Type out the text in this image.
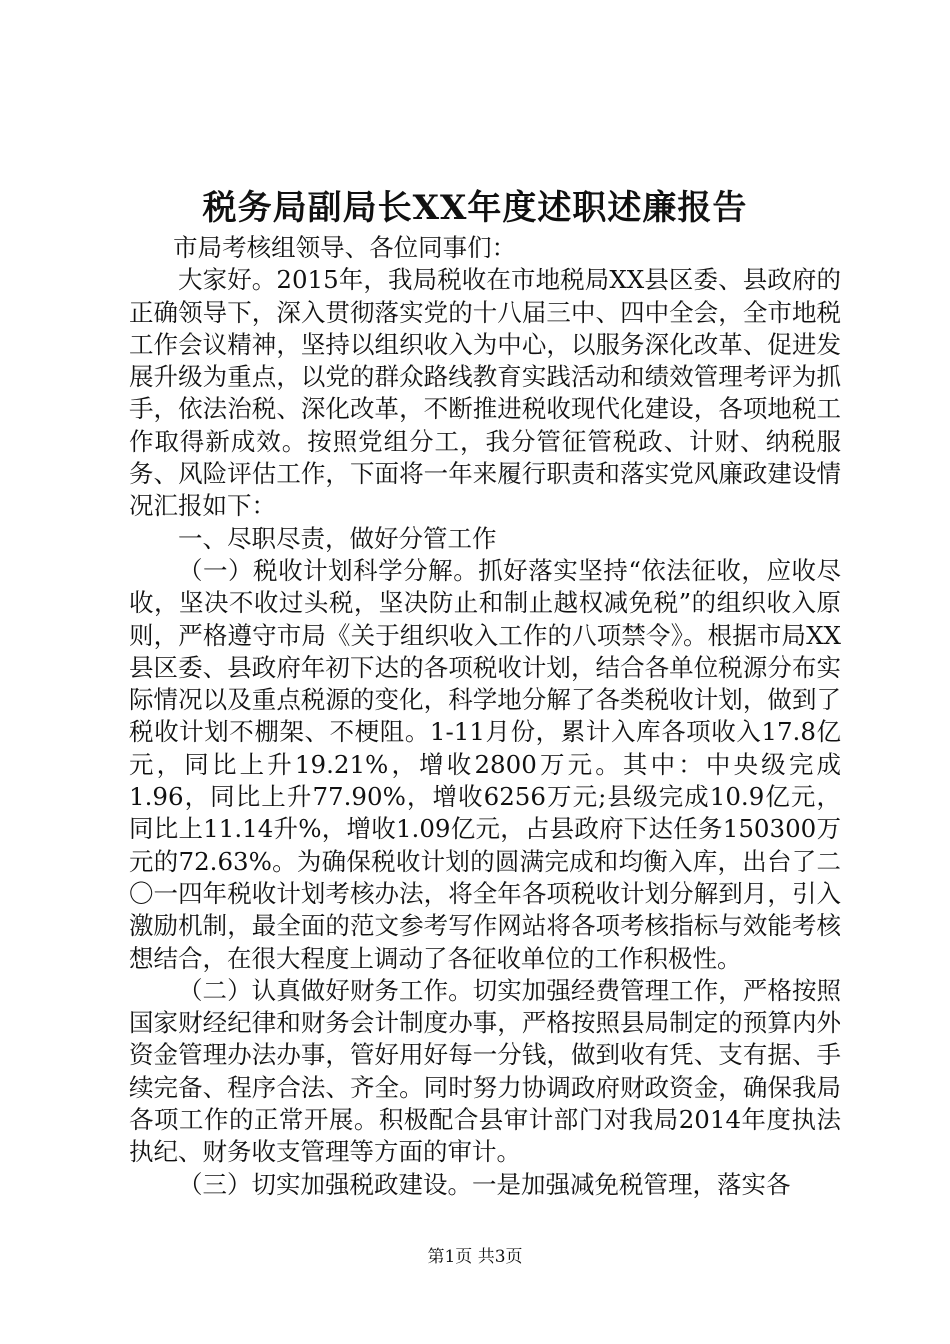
税务局副局长XX年度述职述廉报告

市局考核组领导、各位同事们：

大家好。2015年，我局税收在市地税局XX县区委、县政府的正确领导下，深入贯彻落实党的十八届三中、四中全会，全市地税工作会议精神，坚持以组织收入为中心，以服务深化改革、促进发展升级为重点，以党的群众路线教育实践活动和绩效管理考评为抓手，依法治税、深化改革，不断推进税收现代化建设，各项地税工作取得新成效。按照党组分工，我分管征管税政、计财、纳税服务、风险评估工作，下面将一年来履行职责和落实党风廉政建设情况汇报如下：

一、尽职尽责，做好分管工作

（一）税收计划科学分解。抓好落实坚持“依法征收，应收尽收，坚决不收过头税，坚决防止和制止越权减免税”的组织收入原则，严格遵守市局《关于组织收入工作的八项禁令》。根据市局XX县区委、县政府年初下达的各项税收计划，结合各单位税源分布实际情况以及重点税源的变化，科学地分解了各类税收计划，做到了税收计划不棚架、不梗阻。1-11月份，累计入库各项收入17.8亿元，同比上升19.21%，增收2800万元。其中：中央级完成1.96，同比上升77.90%，增收6256万元;县级完成10.9亿元，同比上11.14升%，增收1.09亿元，占县政府下达任务150300万元的72.63%。为确保税收计划的圆满完成和均衡入库，出台了二〇一四年税收计划考核办法，将全年各项税收计划分解到月，引入激励机制，最全面的范文参考写作网站将各项考核指标与效能考核想结合，在很大程度上调动了各征收单位的工作积极性。

（二）认真做好财务工作。切实加强经费管理工作，严格按照国家财经纪律和财务会计制度办事，严格按照县局制定的预算内外资金管理办法办事，管好用好每一分钱，做到收有凭、支有据、手续完备、程序合法、齐全。同时努力协调政府财政资金，确保我局各项工作的正常开展。积极配合县审计部门对我局2014年度执法执纪、财务收支管理等方面的审计。

（三）切实加强税政建设。一是加强减免税管理，落实各

第1页 共3页
